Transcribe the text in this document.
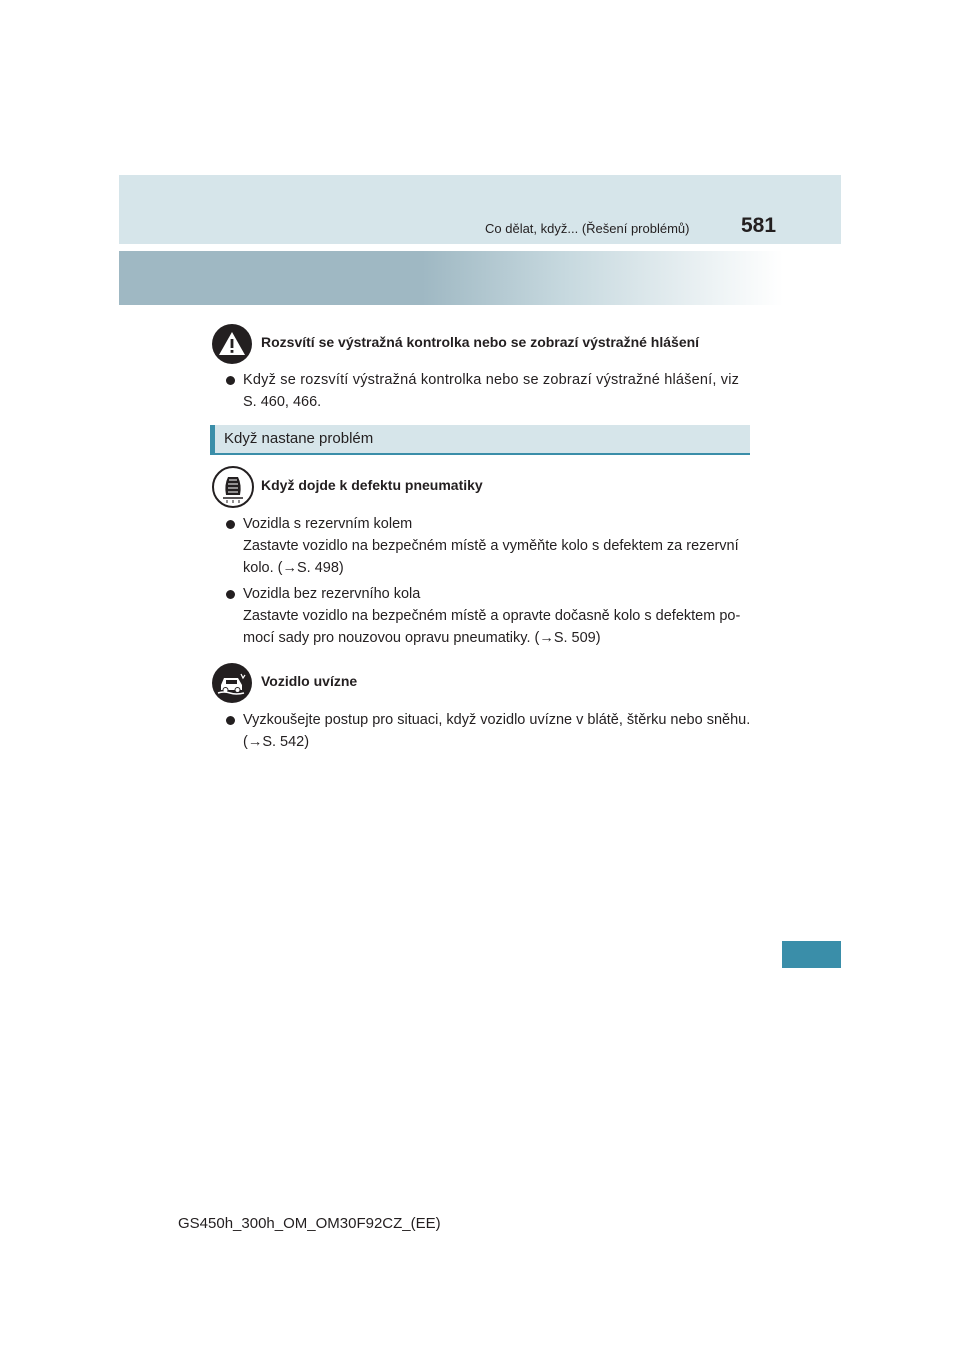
Co dělat, když... (Řešení problémů) 581
Rozsvítí se výstražná kontrolka nebo se zobrazí výstražné hlášení
Když se rozsvítí výstražná kontrolka nebo se zobrazí výstražné hlášení, viz
S. 460, 466.
Když nastane problém
Když dojde k defektu pneumatiky
Vozidla s rezervním kolem
Zastavte vozidlo na bezpečném místě a vyměňte kolo s defektem za rezervní
kolo. (→S. 498)
Vozidla bez rezervního kola
Zastavte vozidlo na bezpečném místě a opravte dočasně kolo s defektem po-
mocí sady pro nouzovou opravu pneumatiky. (→S. 509)
Vozidlo uvízne
Vyzkoušejte postup pro situaci, když vozidlo uvízne v blátě, štěrku nebo sněhu.
(→S. 542)
GS450h_300h_OM_OM30F92CZ_(EE)
